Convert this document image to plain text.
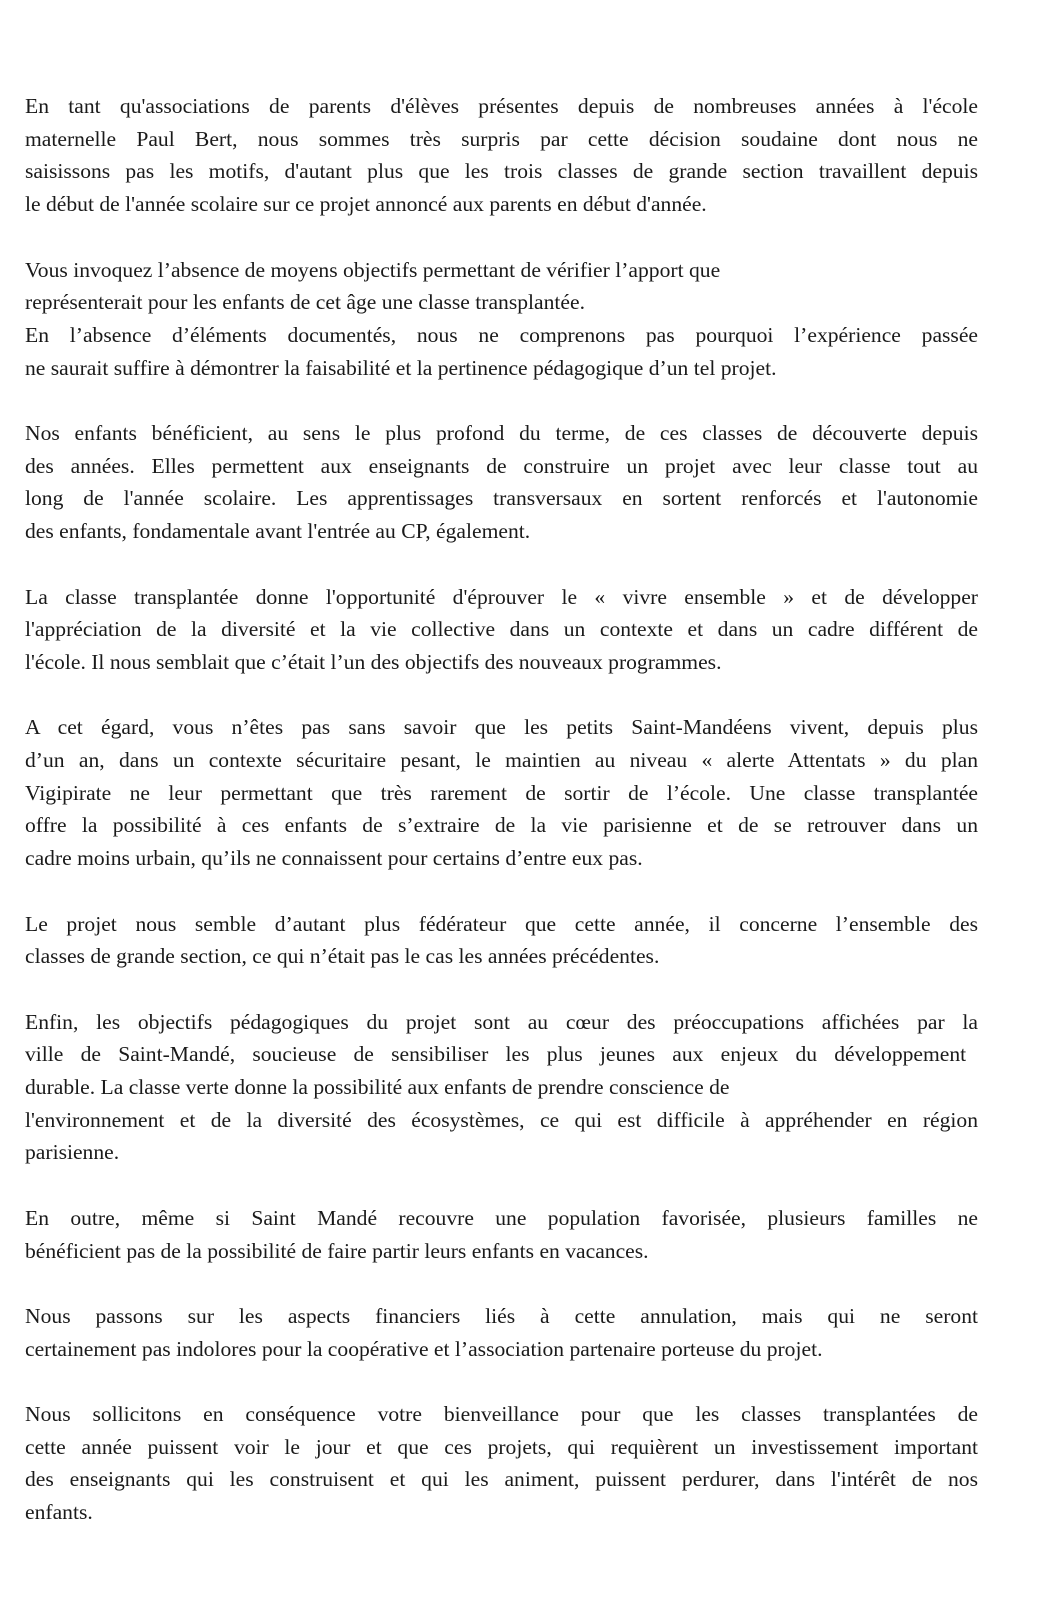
En tant qu'associations de parents d'élèves présentes depuis de nombreuses années à l'école
maternelle Paul Bert, nous sommes très surpris par cette décision soudaine dont nous ne
saisissons pas les motifs, d'autant plus que les trois classes de grande section travaillent depuis
le début de l'année scolaire sur ce projet annoncé aux parents en début d'année.
Vous invoquez l’absence de moyens objectifs permettant de vérifier l’apport que
représenterait pour les enfants de cet âge une classe transplantée.
En l’absence d’éléments documentés, nous ne comprenons pas pourquoi l’expérience passée
ne saurait suffire à démontrer la faisabilité et la pertinence pédagogique d’un tel projet.
Nos enfants bénéficient, au sens le plus profond du terme, de ces classes de découverte depuis
des années. Elles permettent aux enseignants de construire un projet avec leur classe tout au
long de l'année scolaire. Les apprentissages transversaux en sortent renforcés et l'autonomie
des enfants, fondamentale avant l'entrée au CP, également.
La classe transplantée donne l'opportunité d'éprouver le « vivre ensemble » et de développer
l'appréciation de la diversité et la vie collective dans un contexte et dans un cadre différent de
l'école. Il nous semblait que c’était l’un des objectifs des nouveaux programmes.
A cet égard, vous n’êtes pas sans savoir que les petits Saint-Mandéens vivent, depuis plus
d’un an, dans un contexte sécuritaire pesant, le maintien au niveau « alerte Attentats » du plan
Vigipirate ne leur permettant que très rarement de sortir de l’école. Une classe transplantée
offre la possibilité à ces enfants de s’extraire de la vie parisienne et de se retrouver dans un
cadre moins urbain, qu’ils ne connaissent pour certains d’entre eux pas.
Le projet nous semble d’autant plus fédérateur que cette année, il concerne l’ensemble des
classes de grande section, ce qui n’était pas le cas les années précédentes.
Enfin, les objectifs pédagogiques du projet sont au cœur des préoccupations affichées par la
ville de Saint-Mandé, soucieuse de sensibiliser les plus jeunes aux enjeux du développement
durable. La classe verte donne la possibilité aux enfants de prendre conscience de
l'environnement et de la diversité des écosystèmes, ce qui est difficile à appréhender en région
parisienne.
En outre, même si Saint Mandé recouvre une population favorisée, plusieurs familles ne
bénéficient pas de la possibilité de faire partir leurs enfants en vacances.
Nous passons sur les aspects financiers liés à cette annulation, mais qui ne seront
certainement pas indolores pour la coopérative et l’association partenaire porteuse du projet.
Nous sollicitons en conséquence votre bienveillance pour que les classes transplantées de
cette année puissent voir le jour et que ces projets, qui requièrent un investissement important
des enseignants qui les construisent et qui les animent, puissent perdurer, dans l'intérêt de nos
enfants.
